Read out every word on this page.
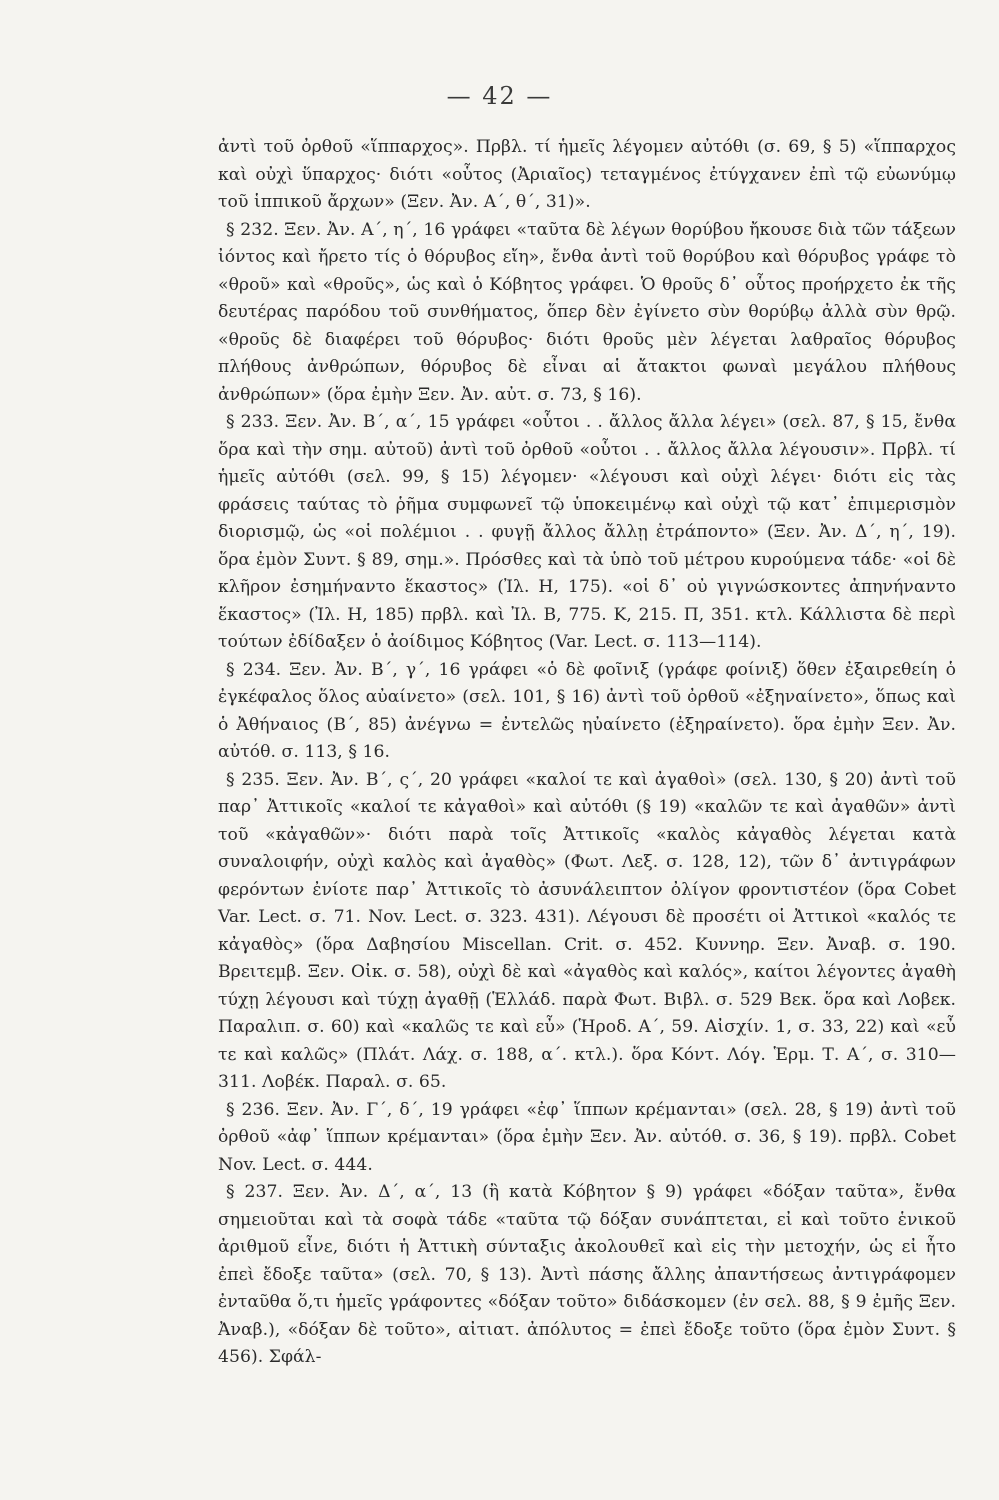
— 42 —

ἀντὶ τοῦ ὀρθοῦ «ἵππαρχος». Πρβλ. τί ἡμεῖς λέγομεν αὐτόθι (σ. 69, § 5) «ἵππαρχος καὶ οὐχὶ ὕπαρχος· διότι «οὗτος (Ἀριαῖος) τεταγμένος ἐτύγχανεν ἐπὶ τῷ εὐωνύμῳ τοῦ ἱππικοῦ ἄρχων» (Ξεν. Ἀν. Α΄, θ΄, 31)».

§ 232. Ξεν. Ἀν. Α΄, η΄, 16 γράφει «ταῦτα δὲ λέγων θορύβου ἤκουσε διὰ τῶν τάξεων ἰόντος καὶ ἤρετο τίς ὁ θόρυβος εἴη», ἔνθα ἀντὶ τοῦ θορύβου καὶ θόρυβος γράφε τὸ «θροῦ» καὶ «θροῦς», ὡς καὶ ὁ Κόβητος γράφει. Ὁ θροῦς δ᾽ οὗτος προήρχετο ἐκ τῆς δευτέρας παρόδου τοῦ συνθήματος, ὅπερ δὲν ἐγίνετο σὺν θορύβῳ ἀλλὰ σὺν θρῷ. «θροῦς δὲ διαφέρει τοῦ θόρυβος· διότι θροῦς μὲν λέγεται λαθραῖος θόρυβος πλήθους ἀνθρώπων, θόρυβος δὲ εἶναι αἱ ἄτακτοι φωναὶ μεγάλου πλήθους ἀνθρώπων» (ὅρα ἐμὴν Ξεν. Ἀν. αὐτ. σ. 73, § 16).

§ 233. Ξεν. Ἀν. Β΄, α΄, 15 γράφει «οὗτοι . . ἄλλος ἄλλα λέγει» (σελ. 87, § 15, ἔνθα ὅρα καὶ τὴν σημ. αὐτοῦ) ἀντὶ τοῦ ὀρθοῦ «οὗτοι . . ἄλλος ἄλλα λέγουσιν». Πρβλ. τί ἡμεῖς αὐτόθι (σελ. 99, § 15) λέγομεν· «λέγουσι καὶ οὐχὶ λέγει· διότι εἰς τὰς φράσεις ταύτας τὸ ῥῆμα συμφωνεῖ τῷ ὑποκειμένῳ καὶ οὐχὶ τῷ κατ᾽ ἐπιμερισμὸν διορισμῷ, ὡς «οἱ πολέμιοι . . φυγῇ ἄλλος ἄλλῃ ἐτράποντο» (Ξεν. Ἀν. Δ΄, η΄, 19). ὅρα ἐμὸν Συντ. § 89, σημ.». Πρόσθες καὶ τὰ ὑπὸ τοῦ μέτρου κυρούμενα τάδε· «οἱ δὲ κλῆρον ἐσημήναντο ἕκαστος» (Ἰλ. Η, 175). «οἱ δ᾽ οὐ γιγνώσκοντες ἀπηνήναντο ἕκαστος» (Ἰλ. Η, 185) πρβλ. καὶ Ἰλ. Β, 775. Κ, 215. Π, 351. κτλ. Κάλλιστα δὲ περὶ τούτων ἐδίδαξεν ὁ ἀοίδιμος Κόβητος (Var. Lect. σ. 113—114).

§ 234. Ξεν. Ἀν. Β΄, γ΄, 16 γράφει «ὁ δὲ φοῖνιξ (γράφε φοίνιξ) ὅθεν ἐξαιρεθείη ὁ ἐγκέφαλος ὅλος αὐαίνετο» (σελ. 101, § 16) ἀντὶ τοῦ ὀρθοῦ «ἐξηναίνετο», ὅπως καὶ ὁ Ἀθήναιος (Β΄, 85) ἀνέγνω = ἐντελῶς ηὐαίνετο (ἐξηραίνετο). ὅρα ἐμὴν Ξεν. Ἀν. αὐτόθ. σ. 113, § 16.

§ 235. Ξεν. Ἀν. Β΄, ς΄, 20 γράφει «καλοί τε καὶ ἀγαθοὶ» (σελ. 130, § 20) ἀντὶ τοῦ παρ᾽ Ἀττικοῖς «καλοί τε κἀγαθοὶ» καὶ αὐτόθι (§ 19) «καλῶν τε καὶ ἀγαθῶν» ἀντὶ τοῦ «κἀγαθῶν»· διότι παρὰ τοῖς Ἀττικοῖς «καλὸς κἀγαθὸς λέγεται κατὰ συναλοιφήν, οὐχὶ καλὸς καὶ ἀγαθὸς» (Φωτ. Λεξ. σ. 128, 12), τῶν δ᾽ ἀντιγράφων φερόντων ἐνίοτε παρ᾽ Ἀττικοῖς τὸ ἀσυνάλειπτον ὀλίγον φροντιστέον (ὅρα Cobet Var. Lect. σ. 71. Nov. Lect. σ. 323. 431). Λέγουσι δὲ προσέτι οἱ Ἀττικοὶ «καλός τε κἀγαθὸς» (ὅρα Δαβησίου Miscellan. Crit. σ. 452. Κυννηρ. Ξεν. Ἀναβ. σ. 190. Βρειτεμβ. Ξεν. Οἰκ. σ. 58), οὐχὶ δὲ καὶ «ἀγαθὸς καὶ καλός», καίτοι λέγοντες ἀγαθὴ τύχῃ λέγουσι καὶ τύχῃ ἀγαθῇ (Ἑλλάδ. παρὰ Φωτ. Βιβλ. σ. 529 Βεκ. ὅρα καὶ Λοβεκ. Παραλιπ. σ. 60) καὶ «καλῶς τε καὶ εὖ» (Ἡροδ. Α΄, 59. Αἰσχίν. 1, σ. 33, 22) καὶ «εὖ τε καὶ καλῶς» (Πλάτ. Λάχ. σ. 188, α΄. κτλ.). ὅρα Κόντ. Λόγ. Ἑρμ. Τ. Α΄, σ. 310—311. Λοβέκ. Παραλ. σ. 65.

§ 236. Ξεν. Ἀν. Γ΄, δ΄, 19 γράφει «ἐφ᾽ ἵππων κρέμανται» (σελ. 28, § 19) ἀντὶ τοῦ ὀρθοῦ «ἀφ᾽ ἵππων κρέμανται» (ὅρα ἐμὴν Ξεν. Ἀν. αὐτόθ. σ. 36, § 19). πρβλ. Cobet Nov. Lect. σ. 444.

§ 237. Ξεν. Ἀν. Δ΄, α΄, 13 (ἢ κατὰ Κόβητον § 9) γράφει «δόξαν ταῦτα», ἔνθα σημειοῦται καὶ τὰ σοφὰ τάδε «ταῦτα τῷ δόξαν συνάπτεται, εἰ καὶ τοῦτο ἑνικοῦ ἀριθμοῦ εἶνε, διότι ἡ Ἀττικὴ σύνταξις ἀκολουθεῖ καὶ εἰς τὴν μετοχήν, ὡς εἰ ἦτο ἐπεὶ ἔδοξε ταῦτα» (σελ. 70, § 13). Ἀντὶ πάσης ἄλλης ἀπαντήσεως ἀντιγράφομεν ἐνταῦθα ὅ,τι ἡμεῖς γράφοντες «δόξαν τοῦτο» διδάσκομεν (ἐν σελ. 88, § 9 ἐμῆς Ξεν. Ἀναβ.), «δόξαν δὲ τοῦτο», αἰτιατ. ἀπόλυτος = ἐπεὶ ἔδοξε τοῦτο (ὅρα ἐμὸν Συντ. § 456). Σφάλ-
